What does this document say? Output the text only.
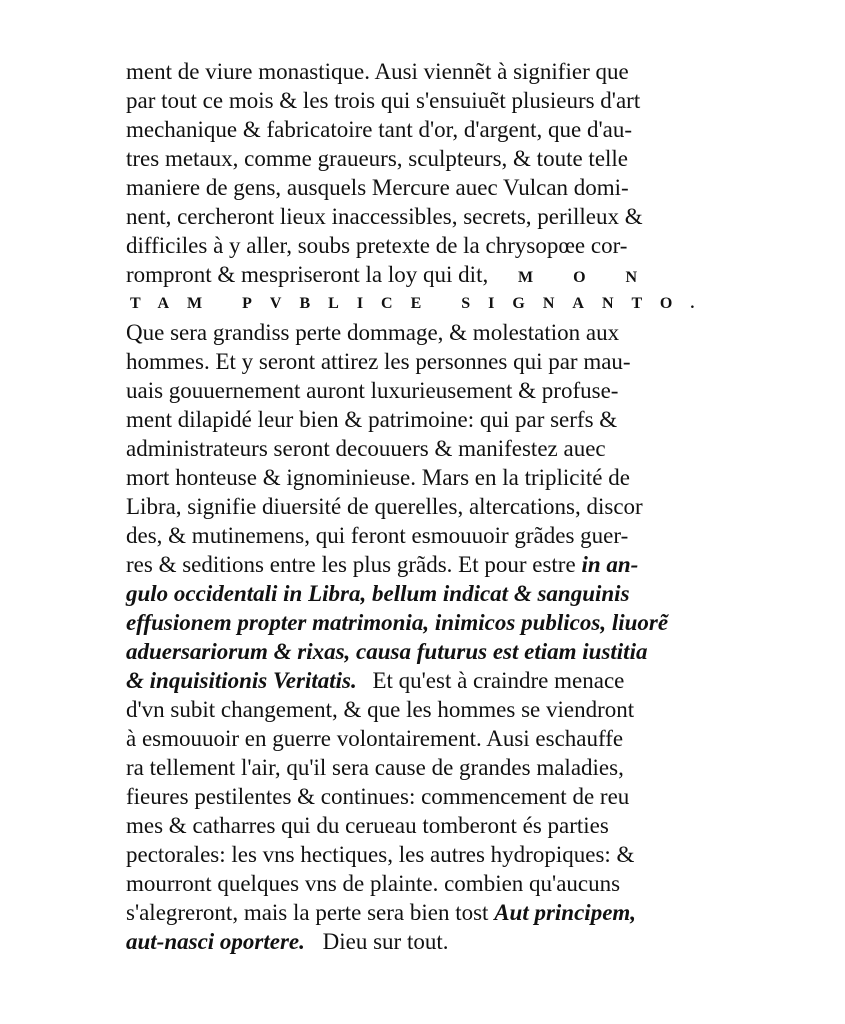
ment de viure monastique. Ausi viennẽt à signifier que
par tout ce mois & les trois qui s'ensuiuẽt plusieurs d'art
mechanique & fabricatoire tant d'or, d'argent, que d'au-
tres metaux, comme graueurs, sculpteurs, & toute telle
maniere de gens, ausquels Mercure auec Vulcan domi-
nent, cercheront lieux inaccessibles, secrets, perilleux &
difficiles à y aller, soubs pretexte de la chrysopœe cor-
rompront & mespriseront la loy qui dit, M O N
TAM PVBLICE SIGNANTO.
Que sera grandiss perte dommage, & molestation aux
hommes. Et y seront attirez les personnes qui par mau-
uais gouuernement auront luxurieusement & profuse-
ment dilapidé leur bien & patrimoine: qui par serfs &
administrateurs seront decouuers & manifestez auec
mort honteuse & ignominieuse. Mars en la triplicité de
Libra, signifie diuersité de querelles, altercations, discor
des, & mutinemens, qui feront esmouuoir grãdes guer-
res & seditions entre les plus grãds. Et pour estre in an-
gulo occidentali in Libra, bellum indicat & sanguinis
effusionem propter matrimonia, inimicos publicos, liuorẽ
aduersariorum & rixas, causa futurus est etiam iustitia
& inquisitionis Veritatis. Et qu'est à craindre menace
d'vn subit changement, & que les hommes se viendront
à esmouuoir en guerre volontairement. Ausi eschauffe
ra tellement l'air, qu'il sera cause de grandes maladies,
fieures pestilentes & continues: commencement de reu
mes & catharres qui du cerueau tomberont és parties
pectorales: les vns hectiques, les autres hydropiques: &
mourront quelques vns de plainte. combien qu'aucuns
s'alegreront, mais la perte sera bien tost Aut principem,
aut-nasci oportere. Dieu sur tout.
